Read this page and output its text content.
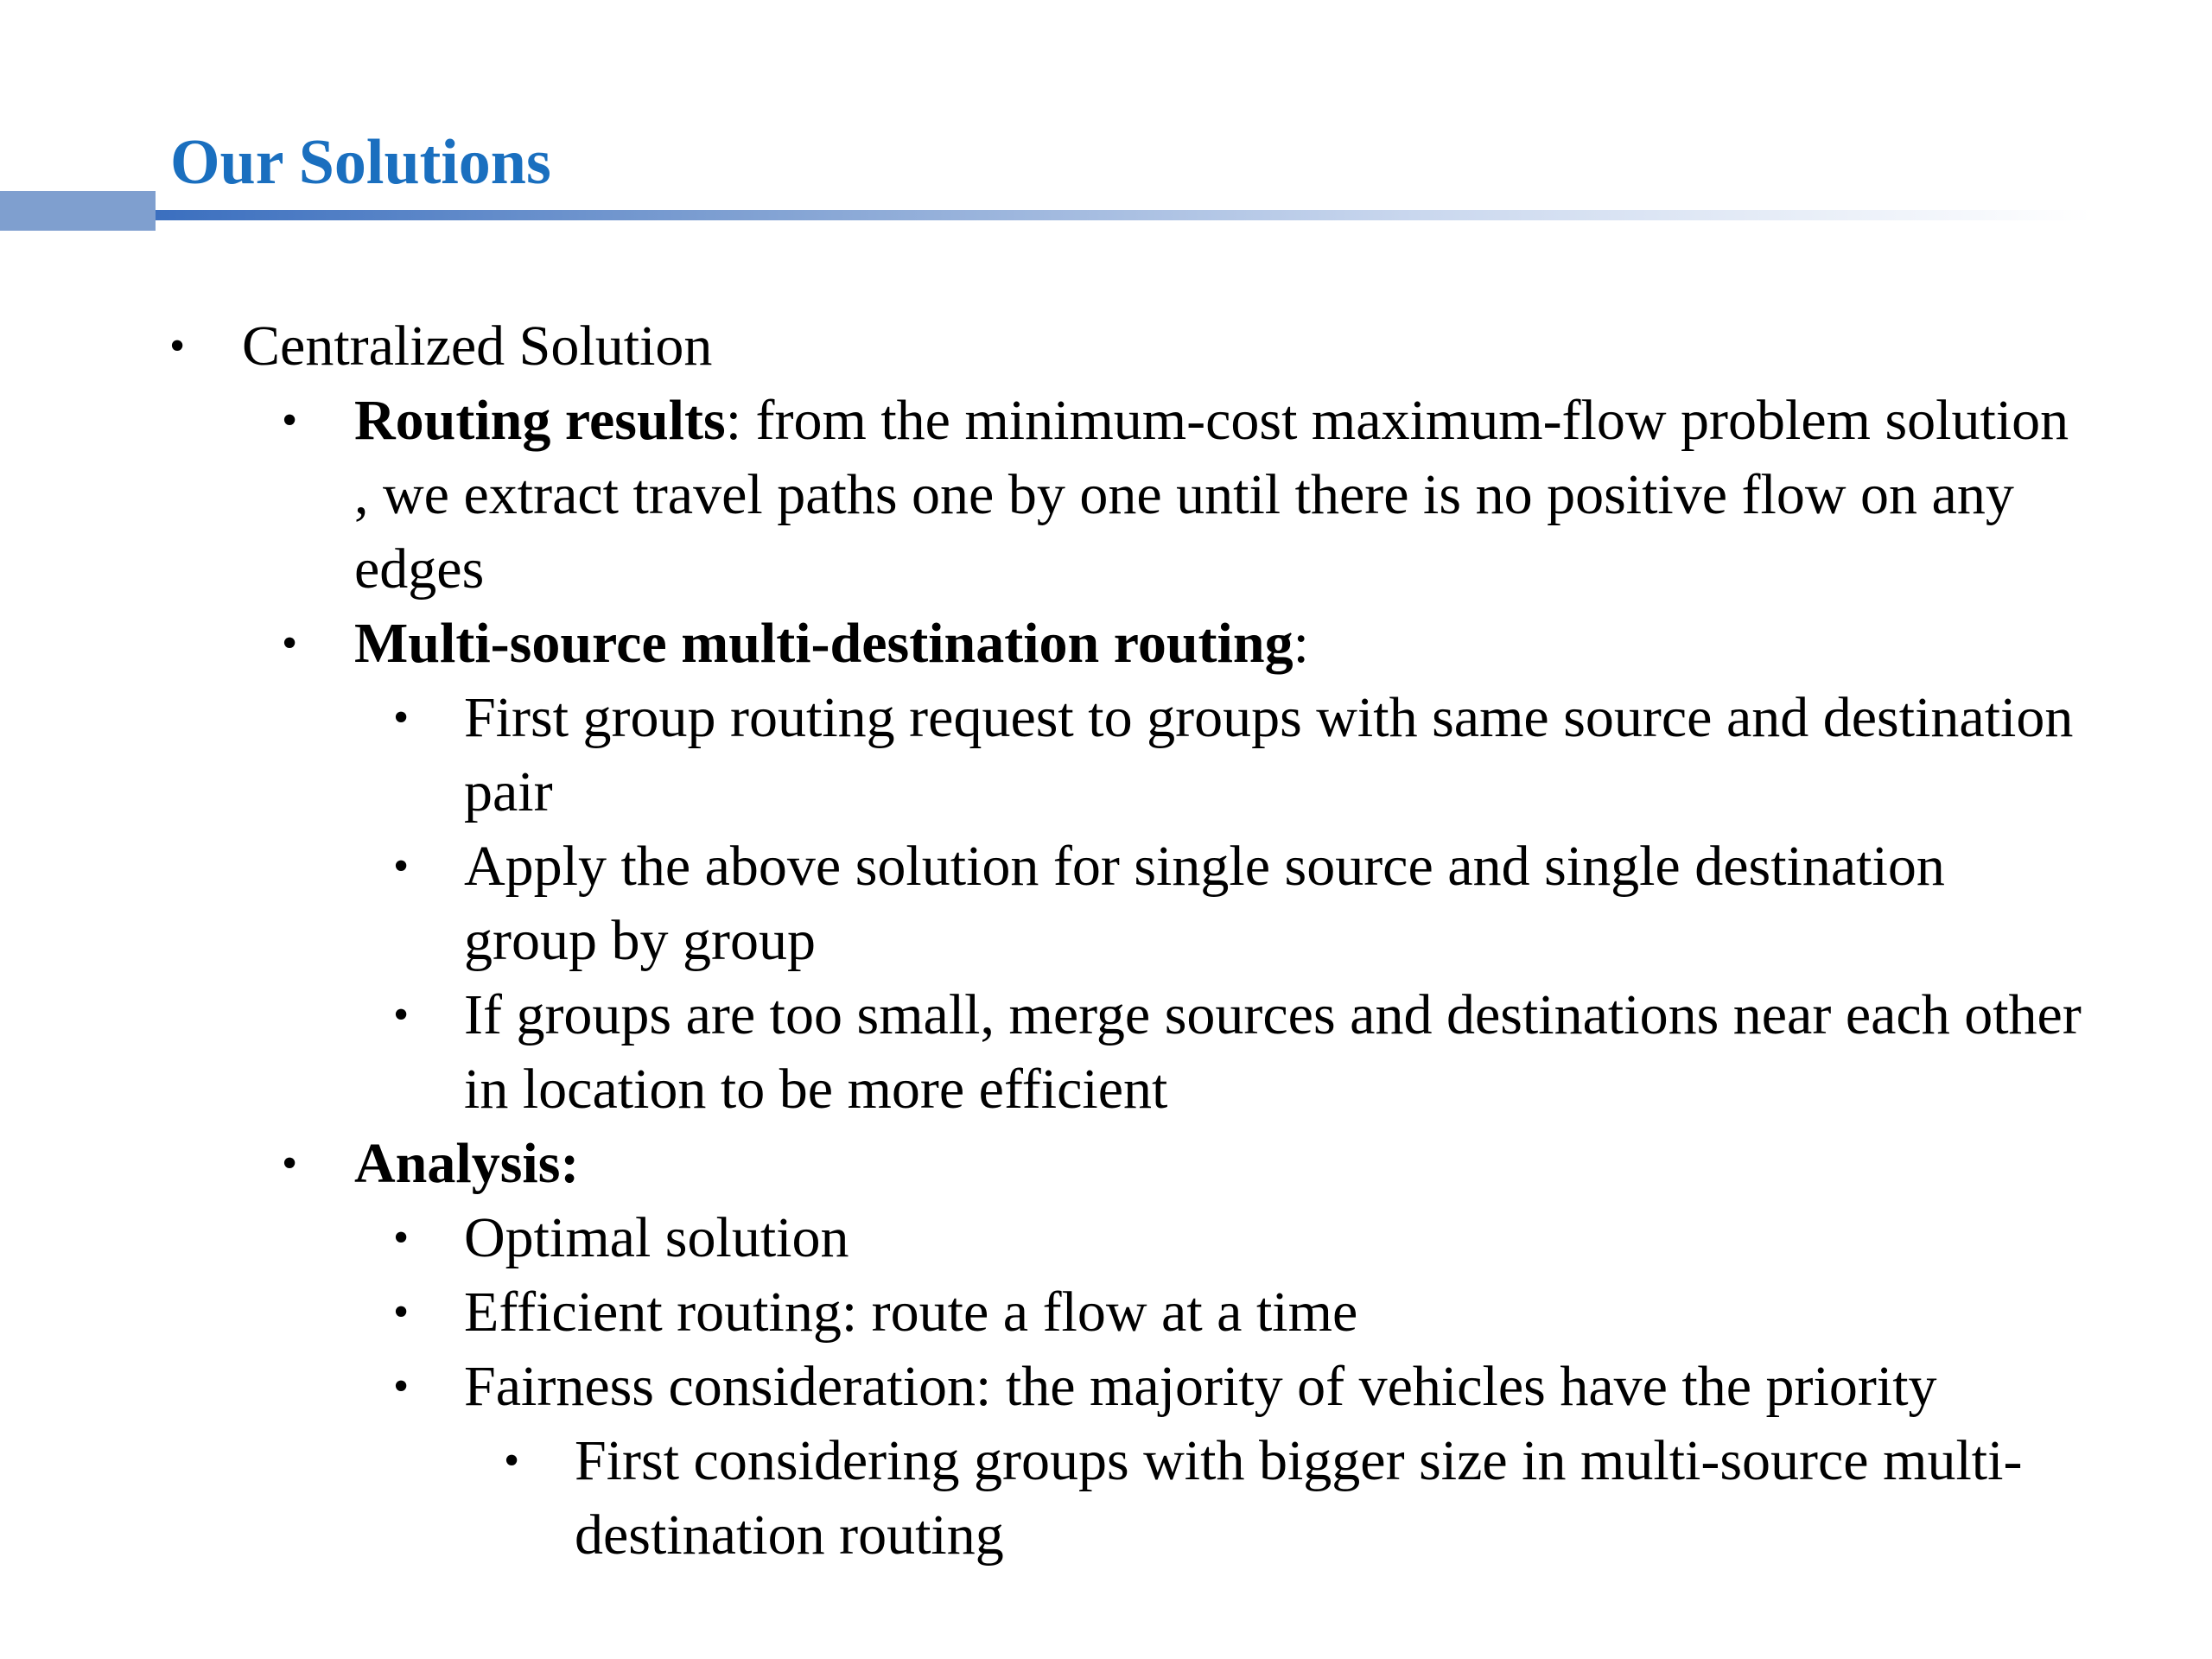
Our Solutions
• Centralized Solution
• Routing results: from the minimum-cost maximum-flow problem solution , we extract travel paths one by one until there is no positive flow on any edges
• Multi-source multi-destination routing:
• First group routing request to groups with same source and destination pair
• Apply the above solution for single source and single destination group by group
• If groups are too small, merge sources and destinations near each other in location to be more efficient
• Analysis:
• Optimal solution
• Efficient routing: route a flow at a time
• Fairness consideration: the majority of vehicles have the priority
• First considering groups with bigger size in multi-source multi-destination routing
